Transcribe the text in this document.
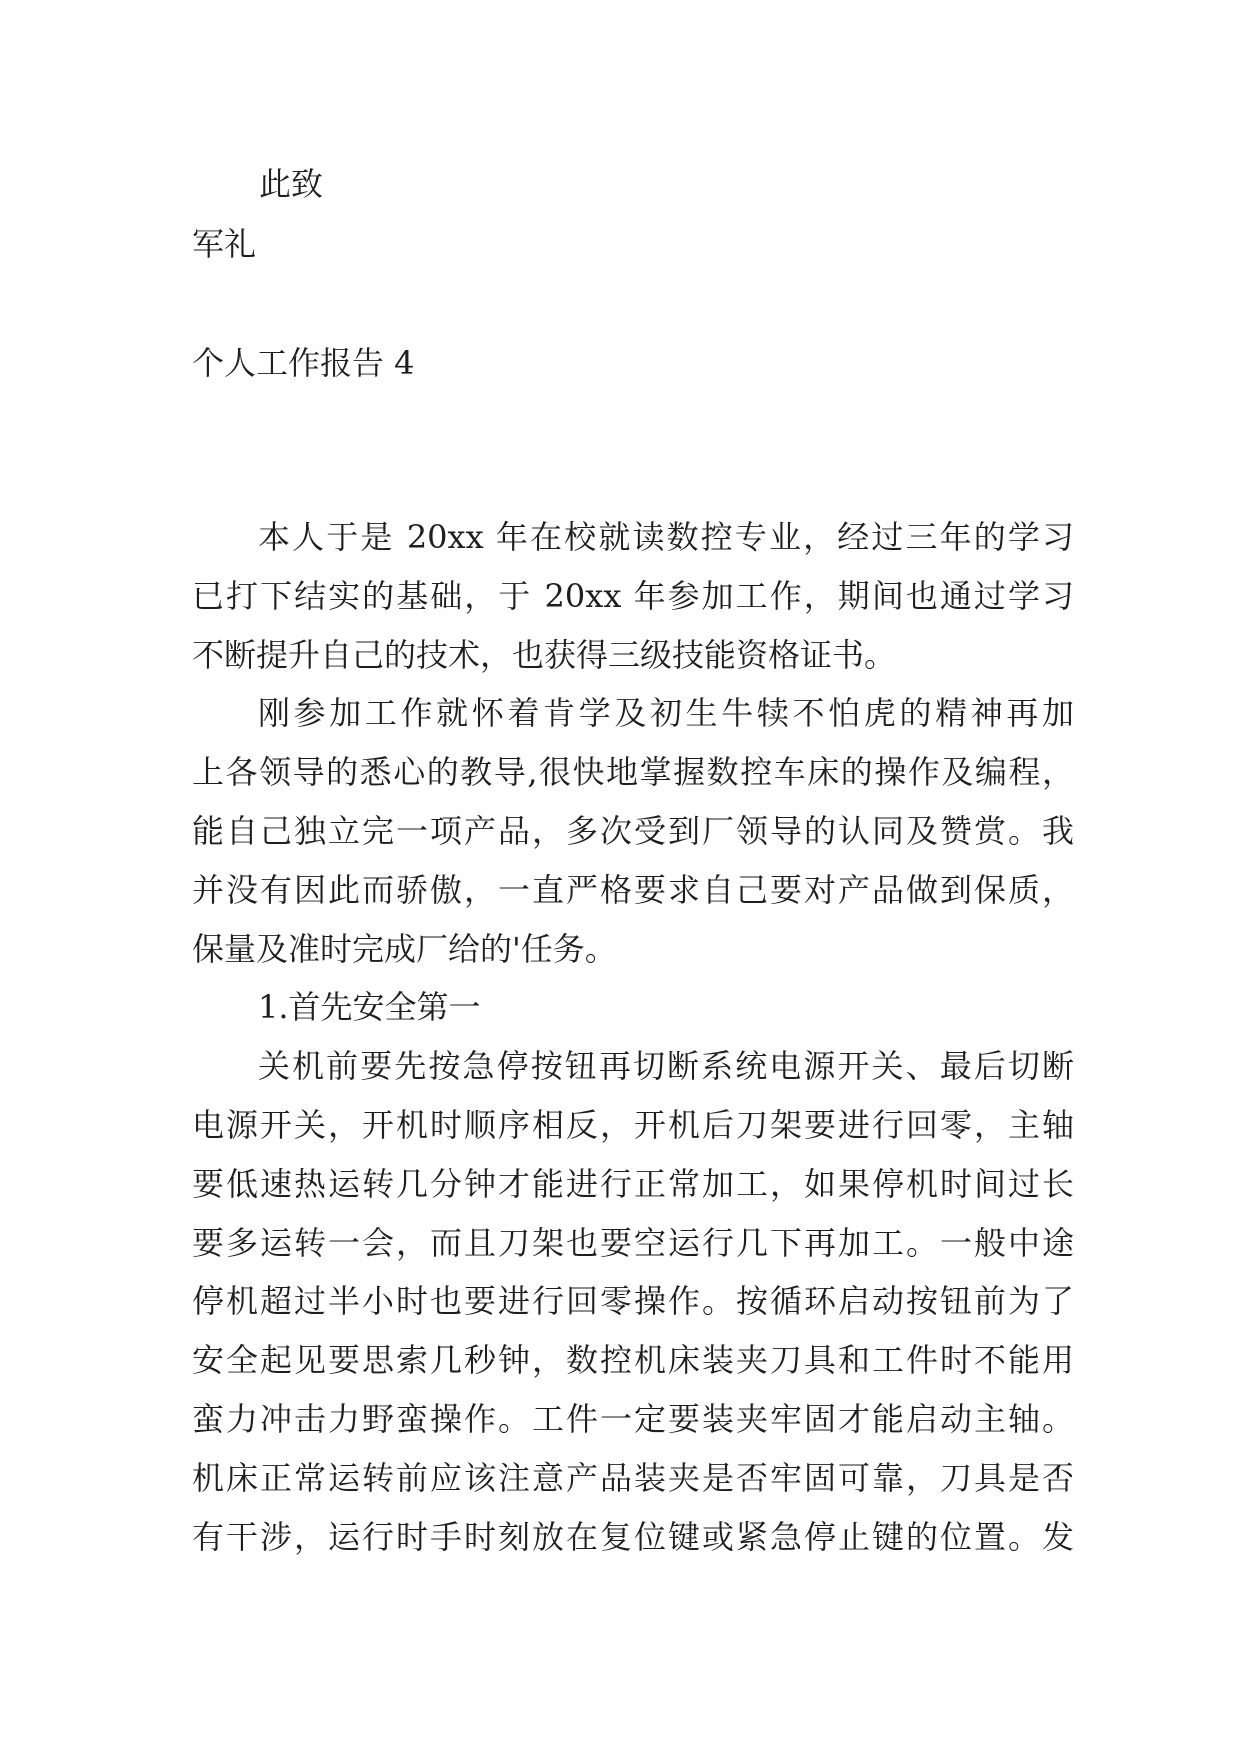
此致
军礼
个人工作报告 4
本人于是 20xx 年在校就读数控专业，经过三年的学习
已打下结实的基础，于 20xx 年参加工作，期间也通过学习
不断提升自己的技术，也获得三级技能资格证书。
刚参加工作就怀着肯学及初生牛犊不怕虎的精神再加
上各领导的悉心的教导,很快地掌握数控车床的操作及编程，
能自己独立完一项产品，多次受到厂领导的认同及赞赏。我
并没有因此而骄傲，一直严格要求自己要对产品做到保质，
保量及准时完成厂给的'任务。
1.首先安全第一
关机前要先按急停按钮再切断系统电源开关、最后切断
电源开关，开机时顺序相反，开机后刀架要进行回零，主轴
要低速热运转几分钟才能进行正常加工，如果停机时间过长
要多运转一会，而且刀架也要空运行几下再加工。一般中途
停机超过半小时也要进行回零操作。按循环启动按钮前为了
安全起见要思索几秒钟，数控机床装夹刀具和工件时不能用
蛮力冲击力野蛮操作。工件一定要装夹牢固才能启动主轴。
机床正常运转前应该注意产品装夹是否牢固可靠，刀具是否
有干涉，运行时手时刻放在复位键或紧急停止键的位置。发
